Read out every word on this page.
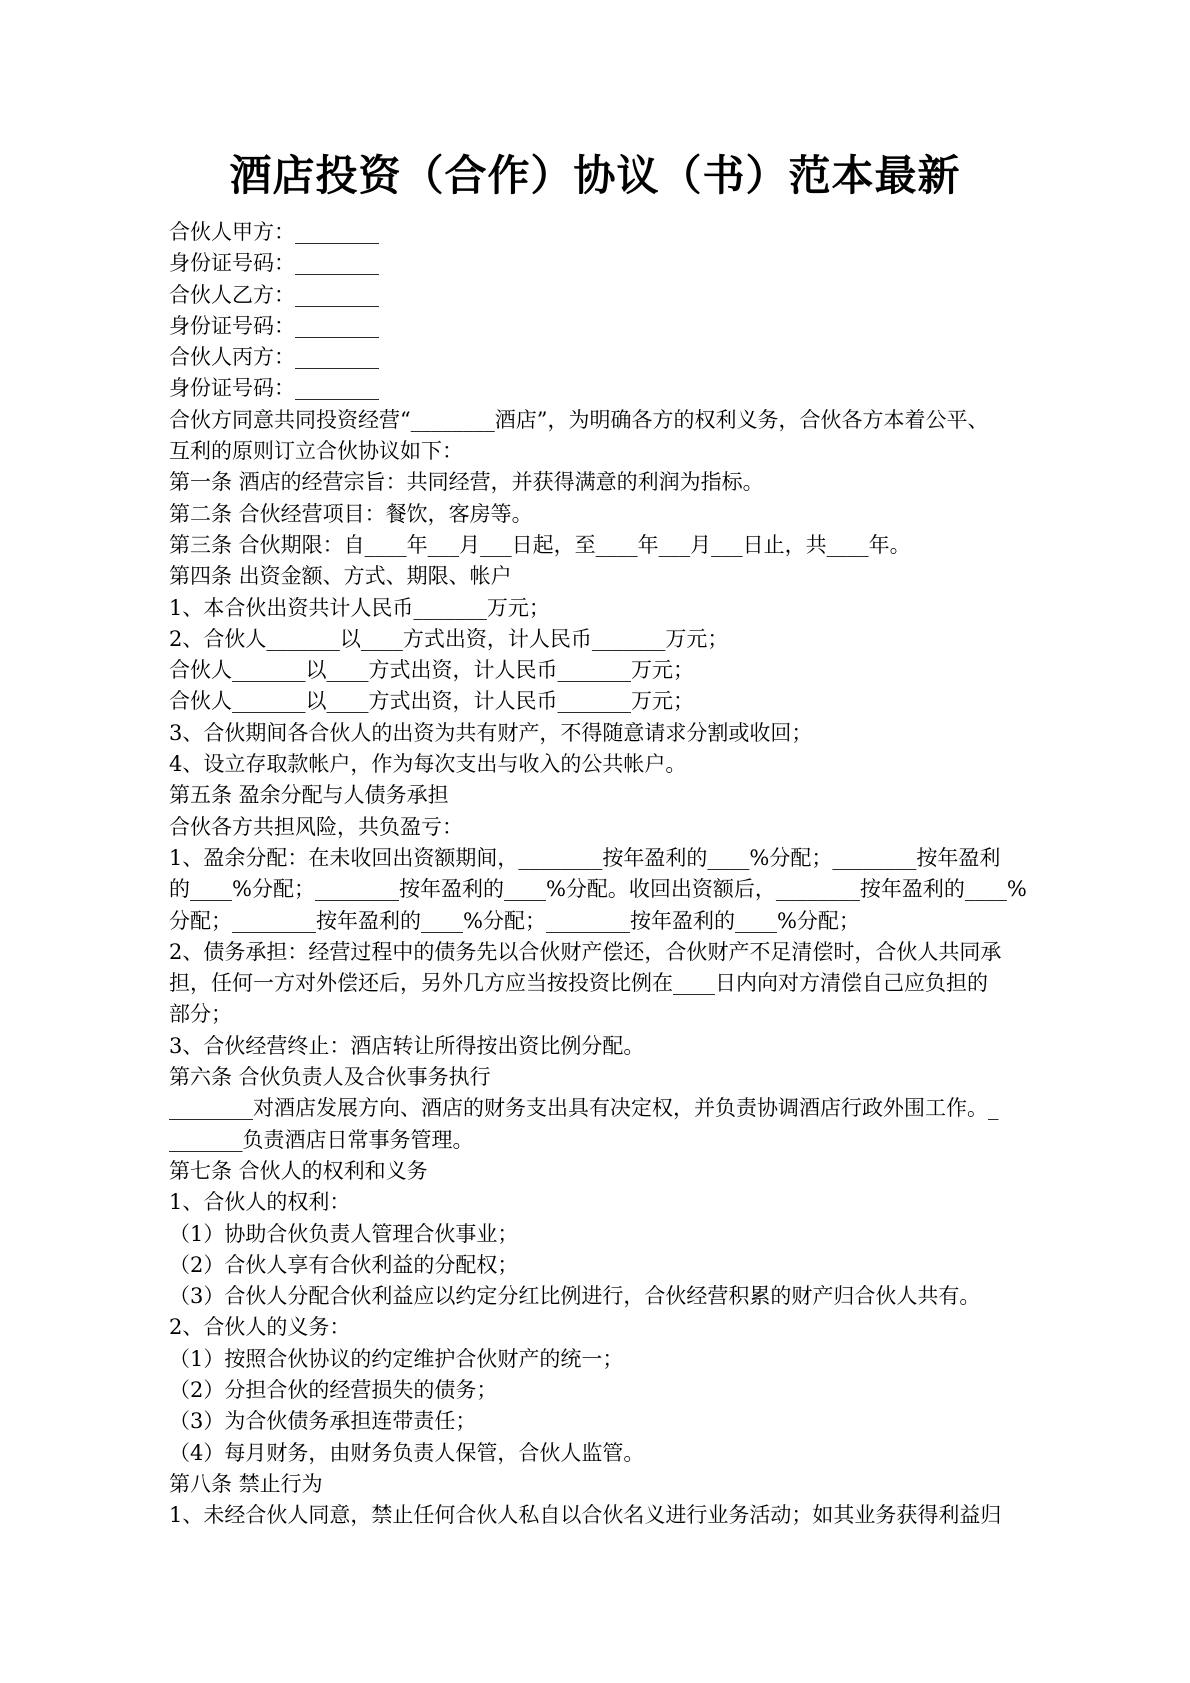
酒店投资（合作）协议（书）范本最新
合伙人甲方：________
身份证号码：________
合伙人乙方：________
身份证号码：________
合伙人丙方：________
身份证号码：________
合伙方同意共同投资经营“________酒店”，为明确各方的权利义务，合伙各方本着公平、
互利的原则订立合伙协议如下：
第一条 酒店的经营宗旨：共同经营，并获得满意的利润为指标。
第二条 合伙经营项目：餐饮，客房等。
第三条 合伙期限：自____年___月___日起，至____年___月___日止，共____年。
第四条 出资金额、方式、期限、帐户
1、本合伙出资共计人民币_______万元；
2、合伙人_______以____方式出资，计人民币_______万元；
合伙人_______以____方式出资，计人民币_______万元；
合伙人_______以____方式出资，计人民币_______万元；
3、合伙期间各合伙人的出资为共有财产，不得随意请求分割或收回；
4、设立存取款帐户，作为每次支出与收入的公共帐户。
第五条 盈余分配与人债务承担
合伙各方共担风险，共负盈亏：
1、盈余分配：在未收回出资额期间，________按年盈利的____%分配；________按年盈利
的____%分配；________按年盈利的____%分配。收回出资额后，________按年盈利的____%
分配；________按年盈利的____%分配；________按年盈利的____%分配；
2、债务承担：经营过程中的债务先以合伙财产偿还，合伙财产不足清偿时，合伙人共同承
担，任何一方对外偿还后，另外几方应当按投资比例在____日内向对方清偿自己应负担的
部分；
3、合伙经营终止：酒店转让所得按出资比例分配。
第六条 合伙负责人及合伙事务执行
________对酒店发展方向、酒店的财务支出具有决定权，并负责协调酒店行政外围工作。_
_______负责酒店日常事务管理。
第七条 合伙人的权利和义务
1、合伙人的权利：
（1）协助合伙负责人管理合伙事业；
（2）合伙人享有合伙利益的分配权；
（3）合伙人分配合伙利益应以约定分红比例进行，合伙经营积累的财产归合伙人共有。
2、合伙人的义务：
（1）按照合伙协议的约定维护合伙财产的统一；
（2）分担合伙的经营损失的债务；
（3）为合伙债务承担连带责任；
（4）每月财务，由财务负责人保管，合伙人监管。
第八条 禁止行为
1、未经合伙人同意，禁止任何合伙人私自以合伙名义进行业务活动；如其业务获得利益归
